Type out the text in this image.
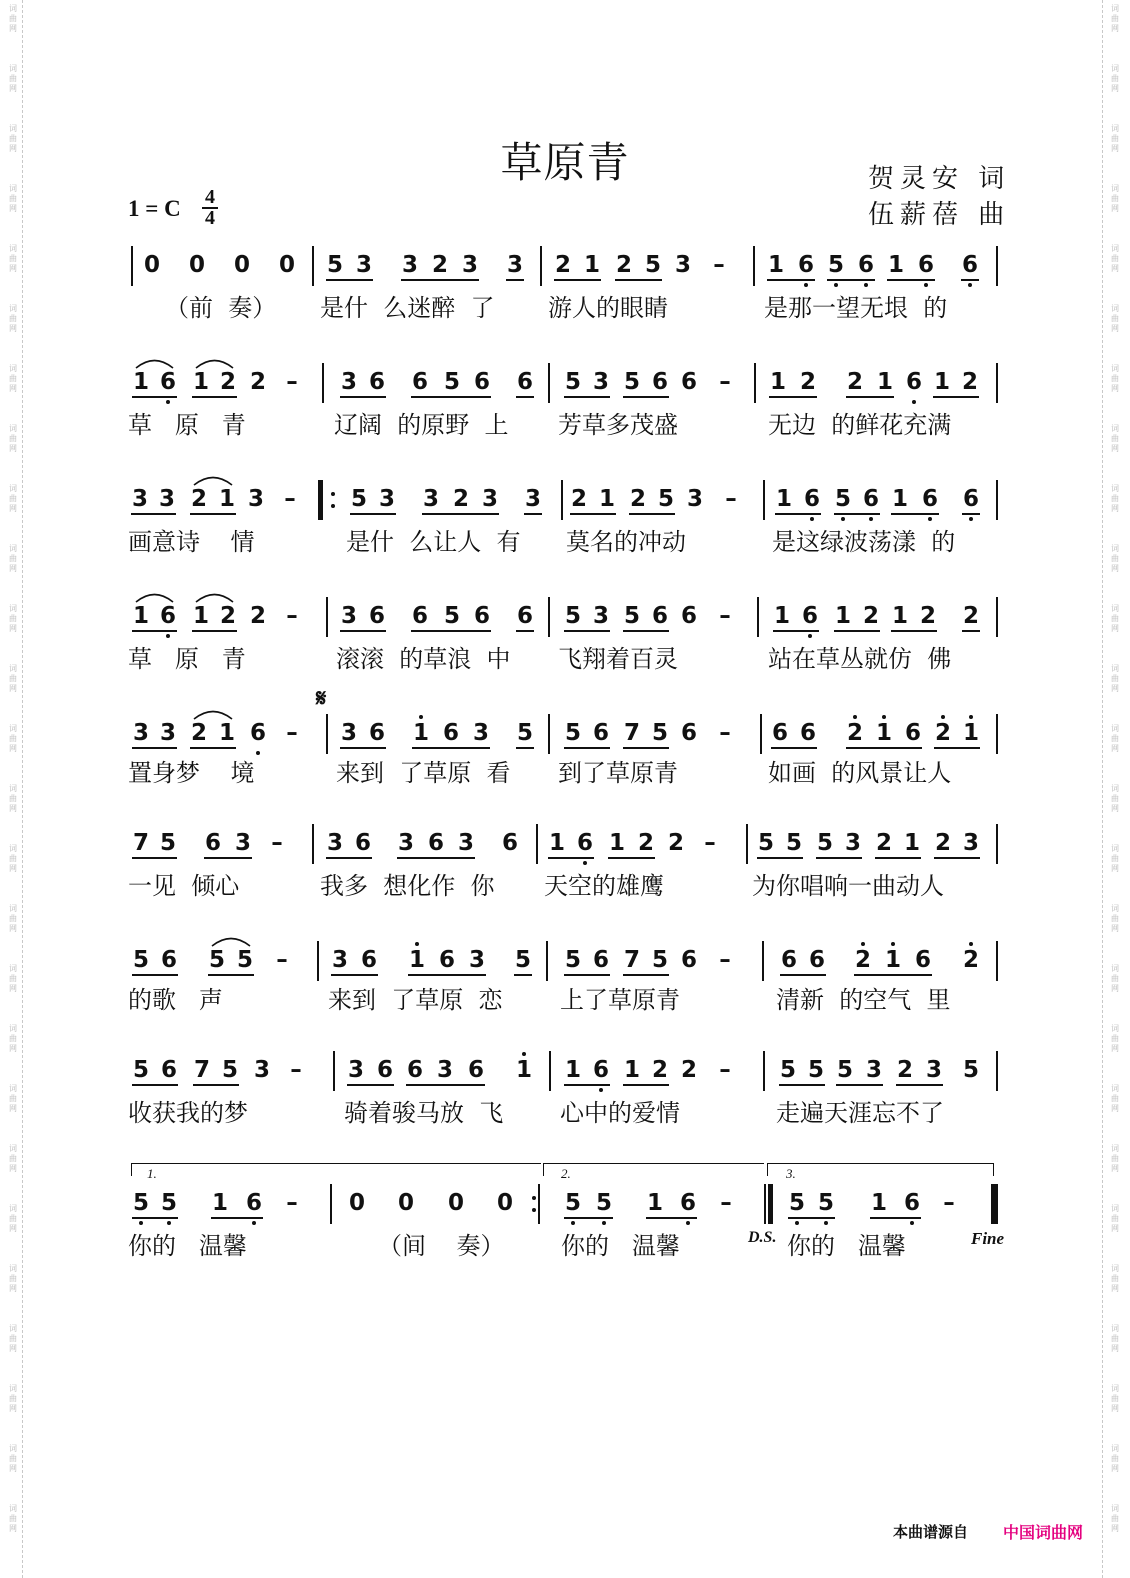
词
曲
网
词
曲
网
词
曲
网
词
曲
网
词
曲
网
词
曲
网
词
曲
网
词
曲
网
词
曲
网
词
曲
网
词
曲
网
词
曲
网
词
曲
网
词
曲
网
词
曲
网
词
曲
网
词
曲
网
词
曲
网
词
曲
网
词
曲
网
词
曲
网
词
曲
网
词
曲
网
词
曲
网
词
曲
网
词
曲
网
词
曲
网
词
曲
网
词
曲
网
词
曲
网
词
曲
网
词
曲
网
词
曲
网
词
曲
网
词
曲
网
词
曲
网
词
曲
网
词
曲
网
词
曲
网
词
曲
网
词
曲
网
词
曲
网
词
曲
网
词
曲
网
词
曲
网
词
曲
网
词
曲
网
词
曲
网
词
曲
网
词
曲
网
词
曲
网
词
曲
网
草原青	贺灵安 词
伍薪蓓 曲
1 = C 4
4
0 0 0 0 5 3 3 2 3 3 2 1 2 5 3 – 1 6 5 6 1 6 6
（前  奏） 是什  么迷醉  了 游人的眼睛	是那一望无垠  的
1 6 1 2 2 – 3 6 6 5 6 6 5 3 5 6 6 – 1 2 2 1 6 1 2
草   原   青	辽阔  的原野  上 芳草多茂盛	无边  的鲜花充满
3 3 2 1 3 – 5 3 3 2 3 3 2 1 2 5 3 – 1 6 5 6 1 6 6
画意诗    情	是什  么让人  有 莫名的冲动	是这绿波荡漾  的
1 6 1 2 2 – 3 6 6 5 6 6 5 3 5 6 6 – 1 6 1 2 1 2 2
草   原   青	滚滚  的草浪  中 飞翔着百灵	站在草丛就仿  佛
3 3 2 1 6 – 3 6 1 6 3 5 5 6 7 5 6 – 6 6 2 1 6 2 1
置身梦    境	来到  了草原  看 到了草原青	如画  的风景让人
7 5 6 3 – 3 6 3 6 3 6 1 6 1 2 2 – 5 5 5 3 2 1 2 3
一见  倾心	我多  想化作  你 天空的雄鹰	为你唱响一曲动人
5 6 5 5 – 3 6 1 6 3 5 5 6 7 5 6 – 6 6 2 1 6 2
的歌   声	来到  了草原  恋 上了草原青	清新  的空气  里
5 6 7 5 3 – 3 6 6 3 6 1 1 6 1 2 2 – 5 5 5 3 2 3 5
收获我的梦	骑着骏马放  飞 心中的爱情	走遍天涯忘不了
5 5 1 6 – 0 0 0 0 5 5 1 6 – 5 5 1 6 –
你的   温馨	（间    奏） 你的   温馨	你的   温馨
𝄋
1.	2.	3.
D.S.	Fine
本曲谱源自 中国词曲网
